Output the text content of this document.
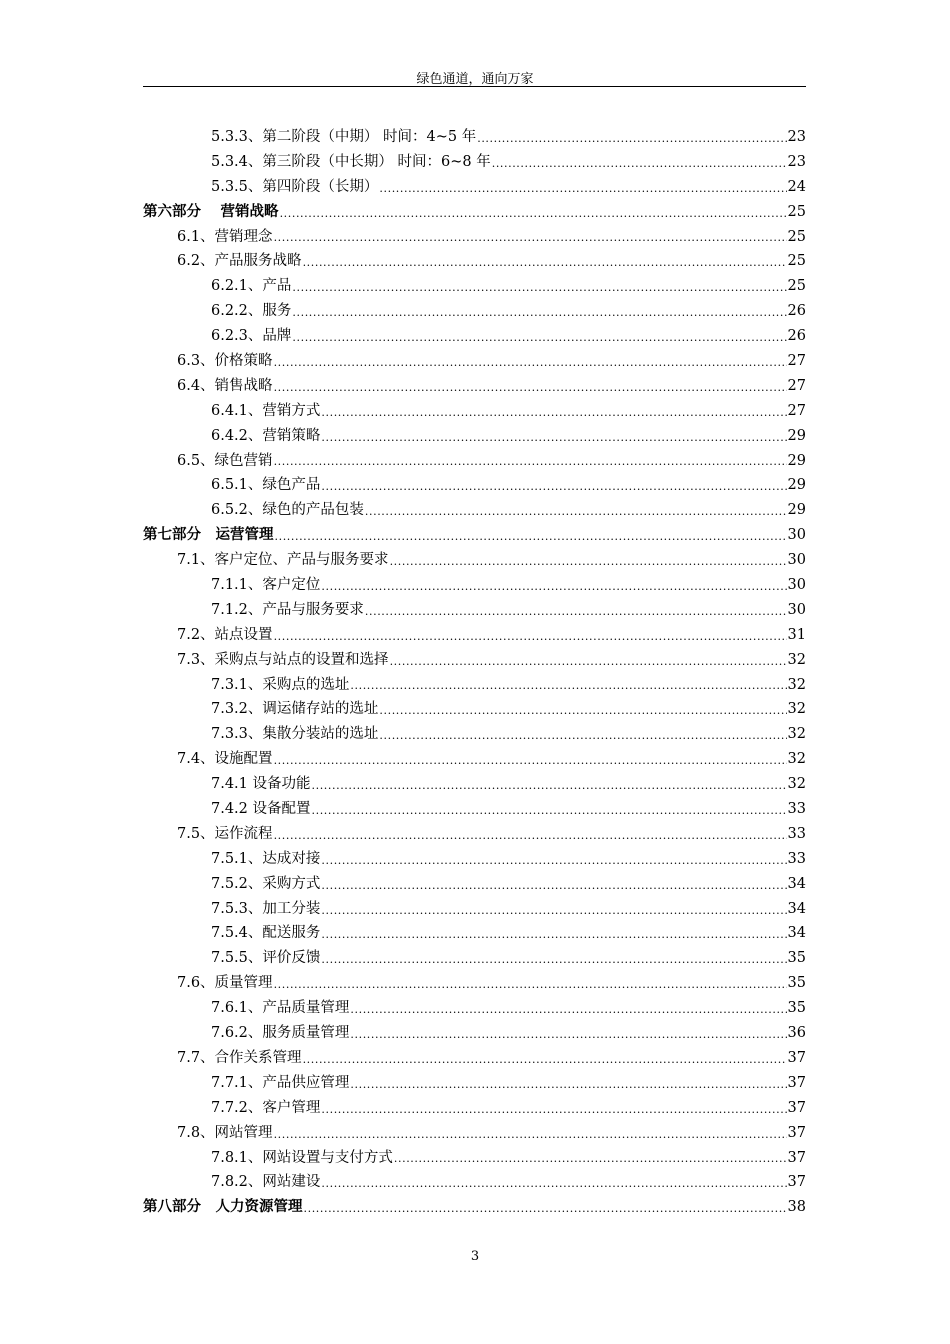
绿色通道，通向万家
5.3.3、第二阶段（中期） 时间：4~5 年 .....	23
5.3.4、第三阶段（中长期） 时间：6~8 年 .....	23
5.3.5、第四阶段（长期） .....	24
第六部分　 营销战略 .....	25
6.1、营销理念 .....	25
6.2、产品服务战略 .....	25
6.2.1、产品 .....	25
6.2.2、服务 .....	26
6.2.3、品牌 .....	26
6.3、价格策略 .....	27
6.4、销售战略 .....	27
6.4.1、营销方式 .....	27
6.4.2、营销策略 .....	29
6.5、绿色营销 .....	29
6.5.1、绿色产品 .....	29
6.5.2、绿色的产品包装 .....	29
第七部分　运营管理 .....	30
7.1、客户定位、产品与服务要求 .....	30
7.1.1、客户定位 .....	30
7.1.2、产品与服务要求 .....	30
7.2、站点设置 .....	31
7.3、采购点与站点的设置和选择 .....	32
7.3.1、采购点的选址 .....	32
7.3.2、调运储存站的选址 .....	32
7.3.3、集散分装站的选址 .....	32
7.4、设施配置 .....	32
7.4.1 设备功能 .....	32
7.4.2 设备配置 .....	33
7.5、运作流程 .....	33
7.5.1、达成对接 .....	33
7.5.2、采购方式 .....	34
7.5.3、加工分装 .....	34
7.5.4、配送服务 .....	34
7.5.5、评价反馈 .....	35
7.6、质量管理 .....	35
7.6.1、产品质量管理 .....	35
7.6.2、服务质量管理 .....	36
7.7、合作关系管理 .....	37
7.7.1、产品供应管理 .....	37
7.7.2、客户管理 .....	37
7.8、网站管理 .....	37
7.8.1、网站设置与支付方式 .....	37
7.8.2、网站建设 .....	37
第八部分　人力资源管理 .....	38
3
